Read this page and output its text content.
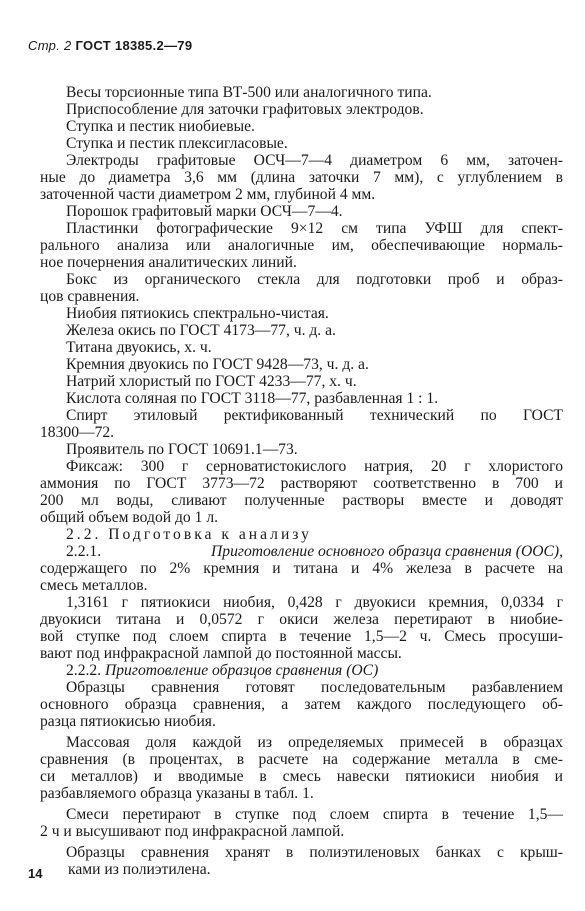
Стр. 2 ГОСТ 18385.2—79
Весы торсионные типа ВТ-500 или аналогичного типа.
Приспособление для заточки графитовых электродов.
Ступка и пестик ниобиевые.
Ступка и пестик плексигласовые.
Электроды графитовые ОСЧ—7—4 диаметром 6 мм, заточен-
ные до диаметра 3,6 мм (длина заточки 7 мм), с углублением в
заточенной части диаметром 2 мм, глубиной 4 мм.
Порошок графитовый марки ОСЧ—7—4.
Пластинки фотографические 9×12 см типа УФШ для спект-
рального анализа или аналогичные им, обеспечивающие нормаль-
ное почернения аналитических линий.
Бокс из органического стекла для подготовки проб и образ-
цов сравнения.
Ниобия пятиокись спектрально-чистая.
Железа окись по ГОСТ 4173—77, ч. д. а.
Титана двуокись, х. ч.
Кремния двуокись по ГОСТ 9428—73, ч. д. а.
Натрий хлористый по ГОСТ 4233—77, х. ч.
Кислота соляная по ГОСТ 3118—77, разбавленная 1 : 1.
Спирт этиловый ректификованный технический по ГОСТ
18300—72.
Проявитель по ГОСТ 10691.1—73.
Фиксаж: 300 г серноватистокислого натрия, 20 г хлористого
аммония по ГОСТ 3773—72 растворяют соответственно в 700 и
200 мл воды, сливают полученные растворы вместе и доводят
общий объем водой до 1 л.
2.2. Подготовка к анализу
2.2.1.	Приготовление основного образца сравнения (ООС),
содержащего по 2% кремния и титана и 4% железа в расчете на
смесь металлов.
1,3161 г пятиокиси ниобия, 0,428 г двуокиси кремния, 0,0334 г
двуокиси титана и 0,0572 г окиси железа перетирают в ниобие-
вой ступке под слоем спирта в течение 1,5—2 ч. Смесь просуши-
вают под инфракрасной лампой до постоянной массы.
2.2.2. Приготовление образцов сравнения (ОС)
Образцы сравнения готовят последовательным разбавлением
основного образца сравнения, а затем каждого последующего об-
разца пятиокисью ниобия.
Массовая доля каждой из определяемых примесей в образцах
сравнения (в процентах, в расчете на содержание металла в сме-
си металлов) и вводимые в смесь навески пятиокиси ниобия и
разбавляемого образца указаны в табл. 1.
Смеси перетирают в ступке под слоем спирта в течение 1,5—
2 ч и высушивают под инфракрасной лампой.
Образцы сравнения хранят в полиэтиленовых банках с крыш-
ками из полиэтилена.
14
